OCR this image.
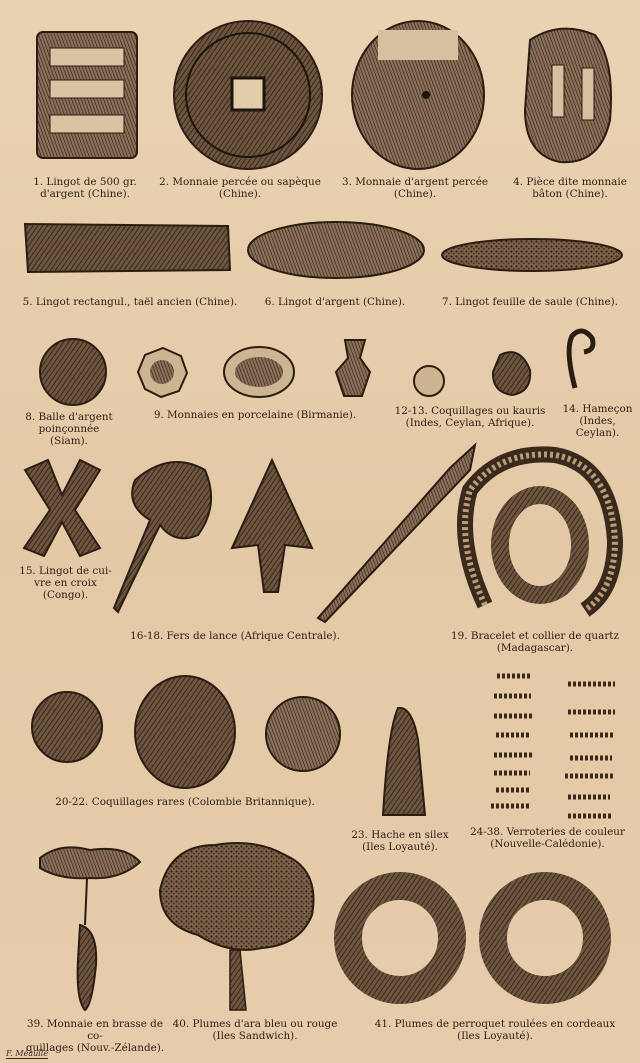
1. Lingot de 500 gr.
d'argent (Chine).
2. Monnaie percée ou sapèque
(Chine).
3. Monnaie d'argent percée
(Chine).
4. Pièce dite monnaie
bâton (Chine).
5. Lingot rectangul., taël ancien (Chine).	6. Lingot d'argent (Chine).	7. Lingot feuille de saule (Chine).
8. Balle d'argent
poinçonnée
(Siam).
9. Monnaies en porcelaine (Birmanie).	12-13. Coquillages ou kauris
(Indes, Ceylan, Afrique).
14. Hameçon
(Indes,
Ceylan).
15. Lingot de cui-
vre en croix
(Congo).
16-18. Fers de lance (Afrique Centrale).	19. Bracelet et collier de quartz
(Madagascar).
20-22. Coquillages rares (Colombie Britannique).
23. Hache en silex
(Iles Loyauté).
24-38. Verroteries de couleur
(Nouvelle-Calédonie).
39. Monnaie en brasse de co-
quillages (Nouv.-Zélande).
40. Plumes d'ara bleu ou rouge
(Iles Sandwich).
41. Plumes de perroquet roulées en cordeaux
(Iles Loyauté).
F. Méaulle
